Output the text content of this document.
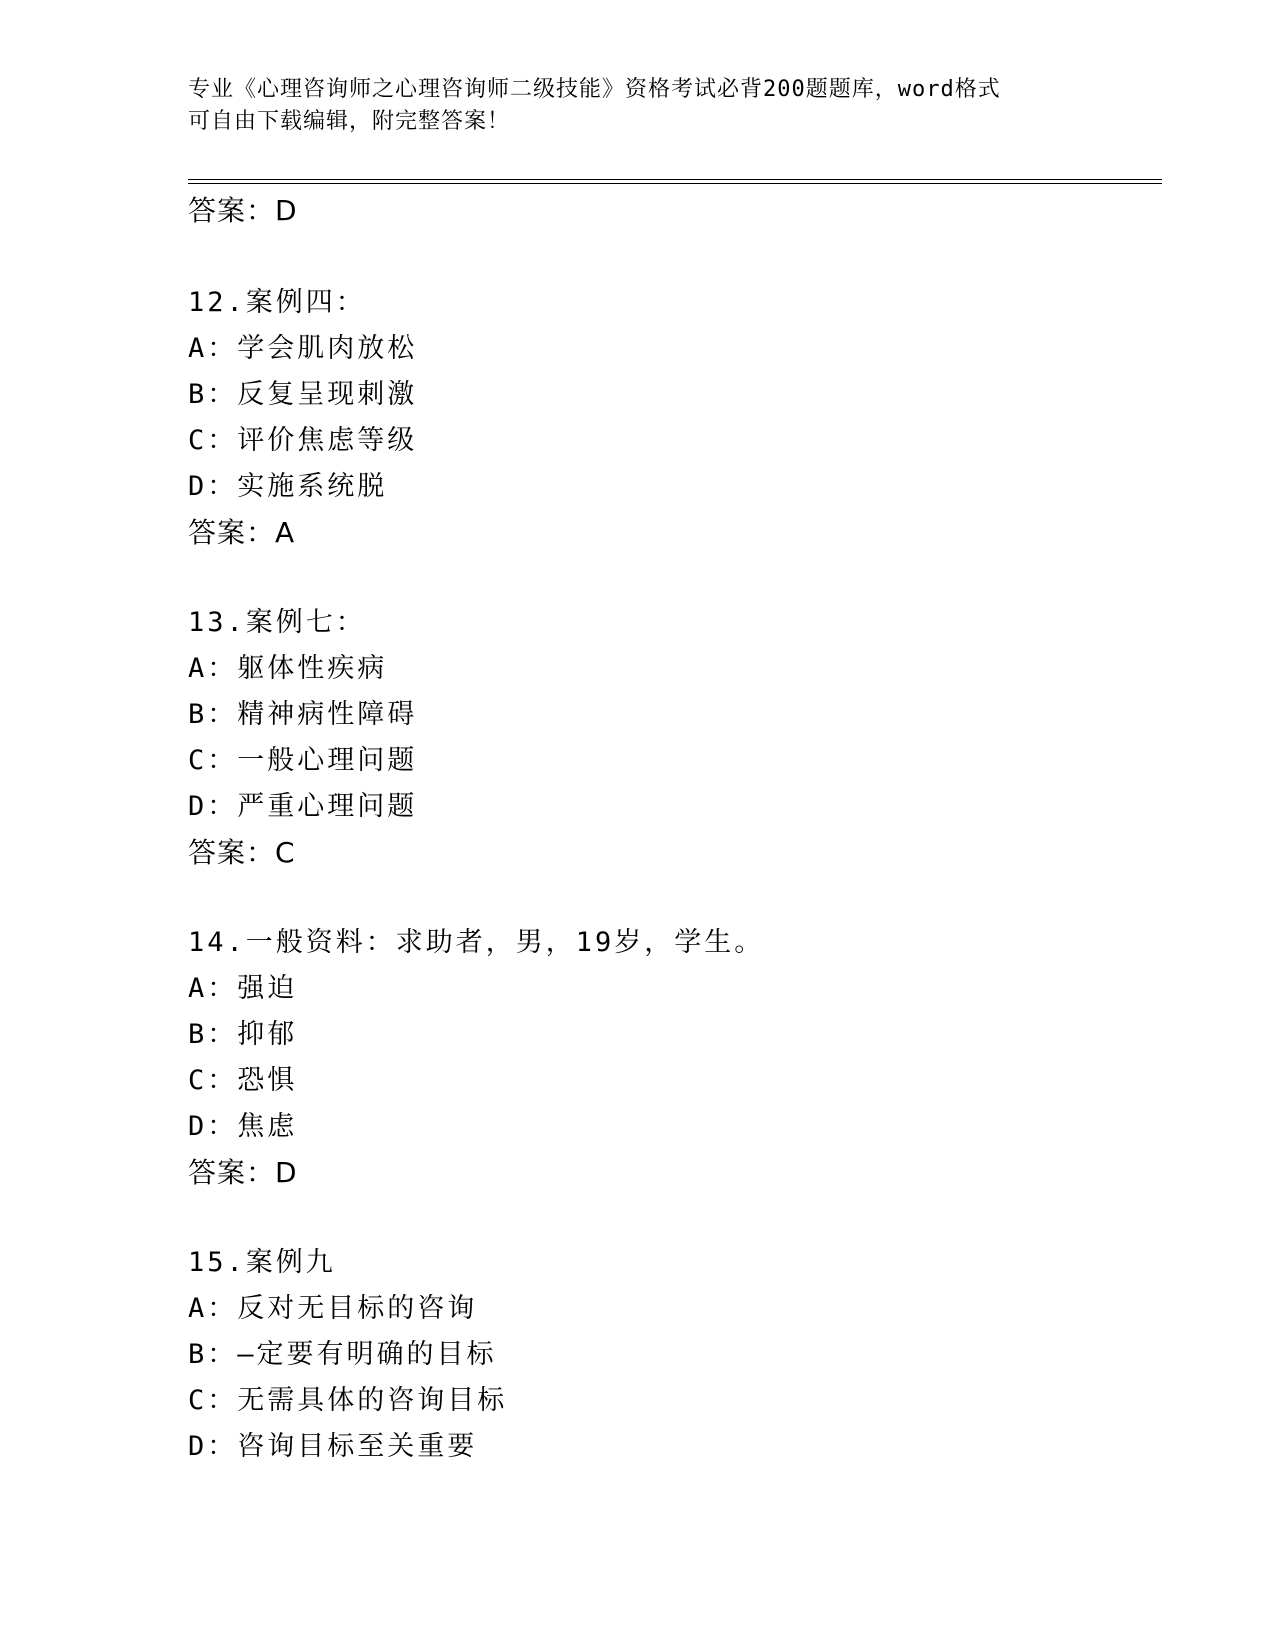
专业《心理咨询师之心理咨询师二级技能》资格考试必背200题题库，word格式
可自由下载编辑，附完整答案！
答案：D
12.案例四：
A：学会肌肉放松
B：反复呈现刺激
C：评价焦虑等级
D：实施系统脱
答案：A
13.案例七：
A：躯体性疾病
B：精神病性障碍
C：一般心理问题
D：严重心理问题
答案：C
14.一般资料：求助者，男，19岁，学生。
A：强迫
B：抑郁
C：恐惧
D：焦虑
答案：D
15.案例九
A：反对无目标的咨询
B：—定要有明确的目标
C：无需具体的咨询目标
D：咨询目标至关重要
